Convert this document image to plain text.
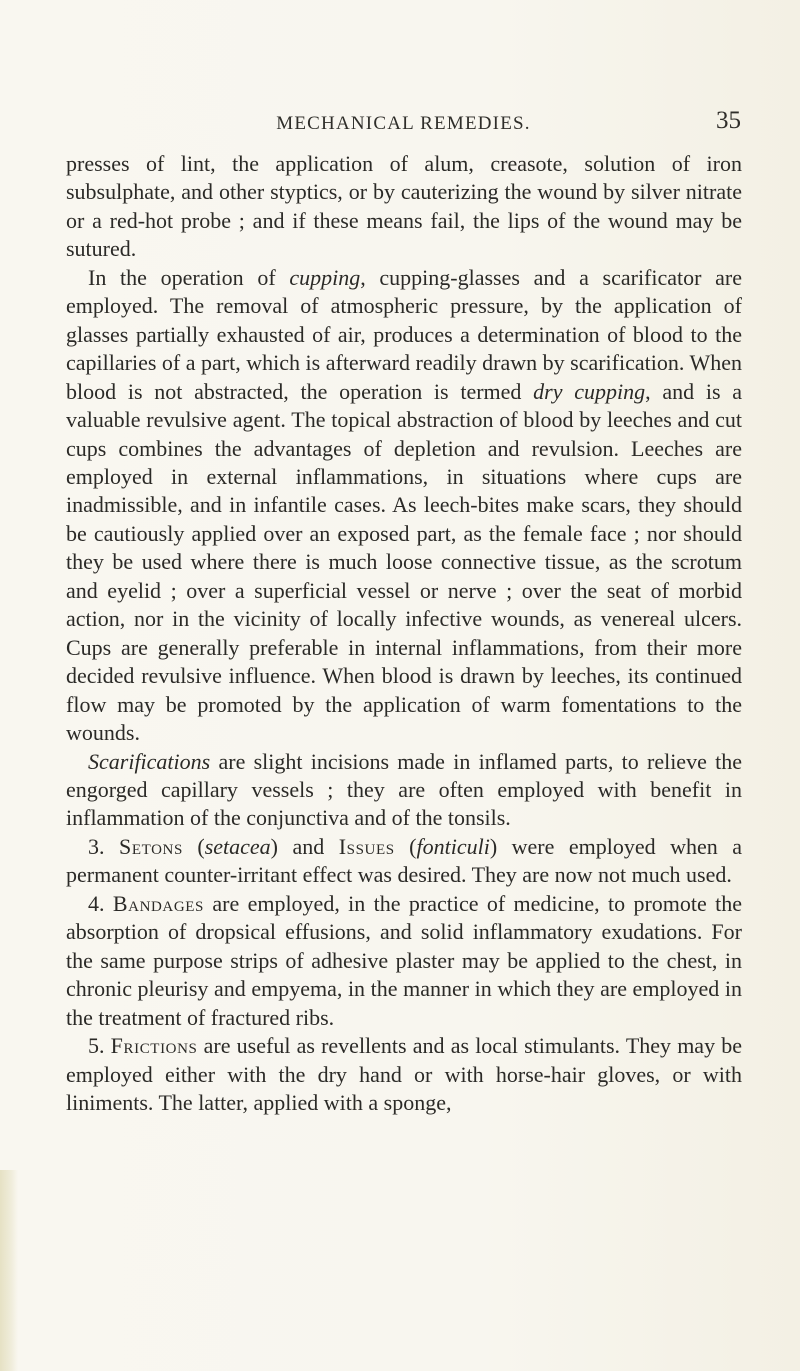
MECHANICAL REMEDIES.	35

presses of lint, the application of alum, creasote, solution of iron subsulphate, and other styptics, or by cauterizing the wound by silver nitrate or a red-hot probe ; and if these means fail, the lips of the wound may be sutured.

 In the operation of cupping, cupping-glasses and a scarificator are employed. The removal of atmospheric pressure, by the application of glasses partially exhausted of air, produces a determination of blood to the capillaries of a part, which is afterward readily drawn by scarification. When blood is not abstracted, the operation is termed dry cupping, and is a valuable revulsive agent. The topical abstraction of blood by leeches and cut cups combines the advantages of depletion and revulsion. Leeches are employed in external inflammations, in situations where cups are inadmissible, and in infantile cases. As leech-bites make scars, they should be cautiously applied over an exposed part, as the female face ; nor should they be used where there is much loose connective tissue, as the scrotum and eyelid ; over a superficial vessel or nerve ; over the seat of morbid action, nor in the vicinity of locally infective wounds, as venereal ulcers. Cups are generally preferable in internal inflammations, from their more decided revulsive influence. When blood is drawn by leeches, its continued flow may be promoted by the application of warm fomentations to the wounds.

 Scarifications are slight incisions made in inflamed parts, to relieve the engorged capillary vessels ; they are often employed with benefit in inflammation of the conjunctiva and of the tonsils.

 3. Setons (setacea) and Issues (fonticuli) were employed when a permanent counter-irritant effect was desired. They are now not much used.

 4. Bandages are employed, in the practice of medicine, to promote the absorption of dropsical effusions, and solid inflammatory exudations. For the same purpose strips of adhesive plaster may be applied to the chest, in chronic pleurisy and empyema, in the manner in which they are employed in the treatment of fractured ribs.

 5. Frictions are useful as revellents and as local stimulants. They may be employed either with the dry hand or with horse-hair gloves, or with liniments. The latter, applied with a sponge,
